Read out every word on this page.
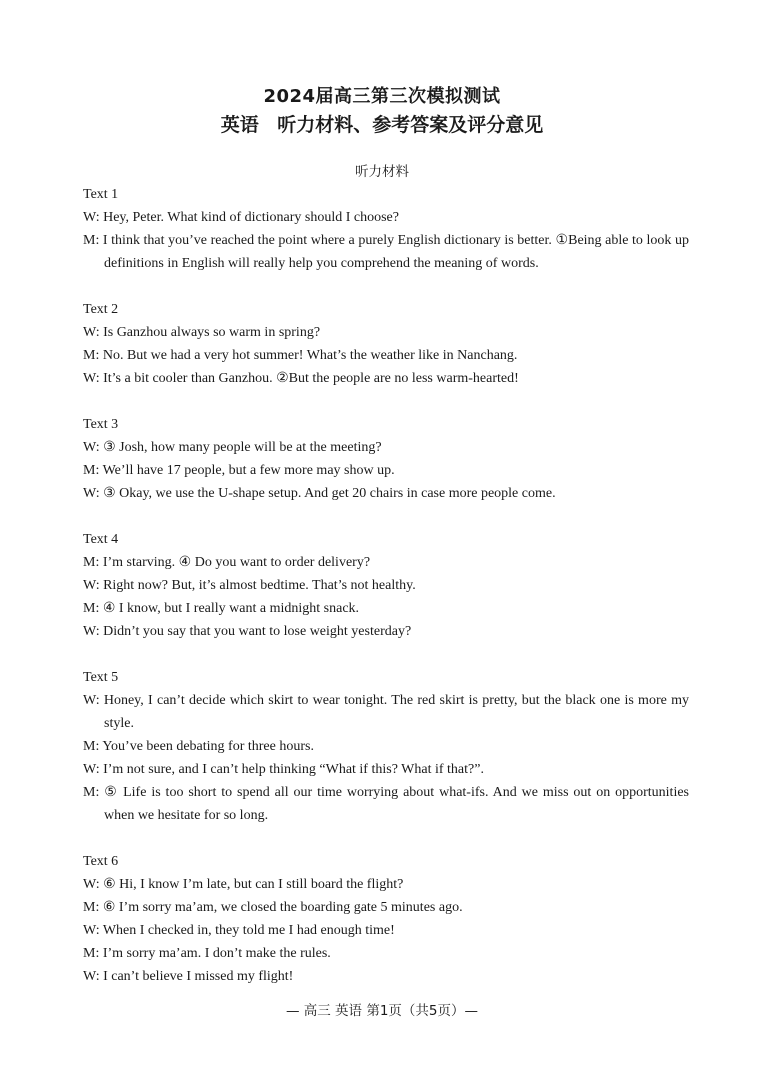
2024届高三第三次模拟测试
英语 听力材料、参考答案及评分意见
听力材料

Text 1

W: Hey, Peter. What kind of dictionary should I choose?

M: I think that you’ve reached the point where a purely English dictionary is better. ①Being able to look up definitions in English will really help you comprehend the meaning of words.

Text 2

W: Is Ganzhou always so warm in spring?

M: No. But we had a very hot summer! What’s the weather like in Nanchang.

W: It’s a bit cooler than Ganzhou. ②But the people are no less warm-hearted!

Text 3

W: ③ Josh, how many people will be at the meeting?

M: We’ll have 17 people, but a few more may show up.

W: ③ Okay, we use the U-shape setup. And get 20 chairs in case more people come.

Text 4

M: I’m starving. ④ Do you want to order delivery?

W: Right now? But, it’s almost bedtime. That’s not healthy.

M: ④ I know, but I really want a midnight snack.

W: Didn’t you say that you want to lose weight yesterday?

Text 5

W: Honey, I can’t decide which skirt to wear tonight. The red skirt is pretty, but the black one is more my style.

M: You’ve been debating for three hours.

W: I’m not sure, and I can’t help thinking “What if this? What if that?”.

M: ⑤ Life is too short to spend all our time worrying about what-ifs. And we miss out on opportunities when we hesitate for so long.

Text 6

W: ⑥ Hi, I know I’m late, but can I still board the flight?

M: ⑥ I’m sorry ma’am, we closed the boarding gate 5 minutes ago.

W: When I checked in, they told me I had enough time!

M: I’m sorry ma’am. I don’t make the rules.

W: I can’t believe I missed my flight!

— 高三 英语 第1页（共5页）—
